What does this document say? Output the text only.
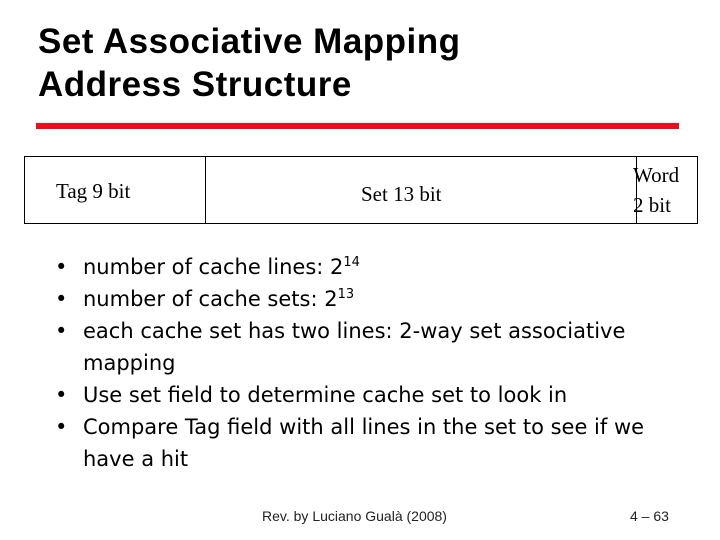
Set Associative Mapping
Address Structure
Tag 9 bit	Set 13 bit
Word
2 bit
• number of cache lines: $2^{14}$
• number of cache sets: $2^{13}$
• each cache set has two lines: 2-way set associative mapping
• Use set field to determine cache set to look in
• Compare Tag field with all lines in the set to see if we have a hit
Rev. by Luciano Gualà (2008)	4 – 63
